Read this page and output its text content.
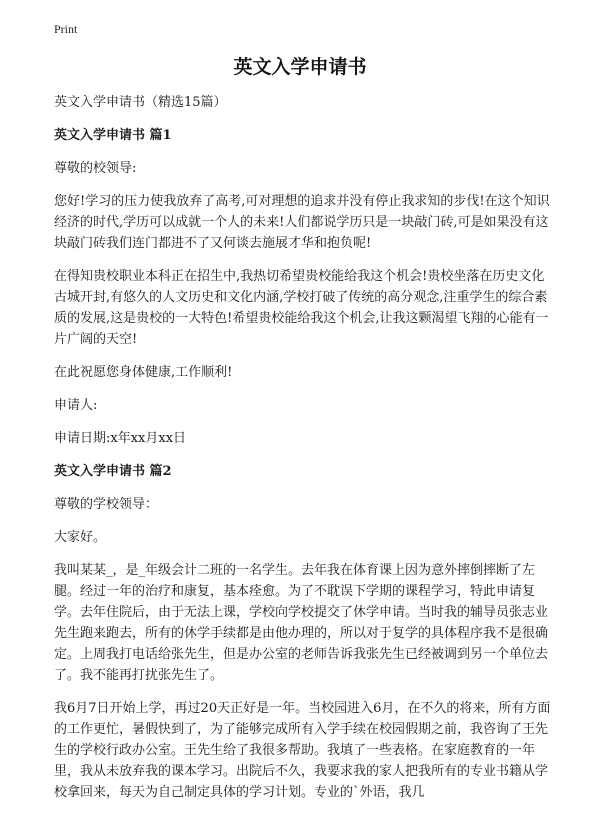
Print
英文入学申请书

英文入学申请书（精选15篇）

英文入学申请书 篇1

尊敬的校领导:

您好!学习的压力使我放弃了高考,可对理想的追求并没有停止我求知的步伐!在这个知识经济的时代,学历可以成就一个人的未来!人们都说学历只是一块敲门砖,可是如果没有这块敲门砖我们连门都进不了又何谈去施展才华和抱负呢!

在得知贵校职业本科正在招生中,我热切希望贵校能给我这个机会!贵校坐落在历史文化古城开封,有悠久的人文历史和文化内涵,学校打破了传统的高分观念,注重学生的综合素质的发展,这是贵校的一大特色!希望贵校能给我这个机会,让我这颗渴望飞翔的心能有一片广阔的天空!

在此祝愿您身体健康,工作顺利!

申请人:

申请日期:x年xx月xx日

英文入学申请书 篇2

尊敬的学校领导：

大家好。

我叫某某_，是_年级会计二班的一名学生。去年我在体育课上因为意外摔倒摔断了左腿。经过一年的治疗和康复，基本痊愈。为了不耽误下学期的课程学习，特此申请复学。去年住院后，由于无法上课，学校向学校提交了休学申请。当时我的辅导员张志业先生跑来跑去，所有的休学手续都是由他办理的，所以对于复学的具体程序我不是很确定。上周我打电话给张先生，但是办公室的老师告诉我张先生已经被调到另一个单位去了。我不能再打扰张先生了。

我6月7日开始上学，再过20天正好是一年。当校园进入6月，在不久的将来，所有方面的工作更忙，暑假快到了，为了能够完成所有入学手续在校园假期之前，我咨询了王先生的学校行政办公室。王先生给了我很多帮助。我填了一些表格。在家庭教育的一年里，我从未放弃我的课本学习。出院后不久，我要求我的家人把我所有的专业书籍从学校拿回来，每天为自己制定具体的学习计划。专业的`外语，我几
